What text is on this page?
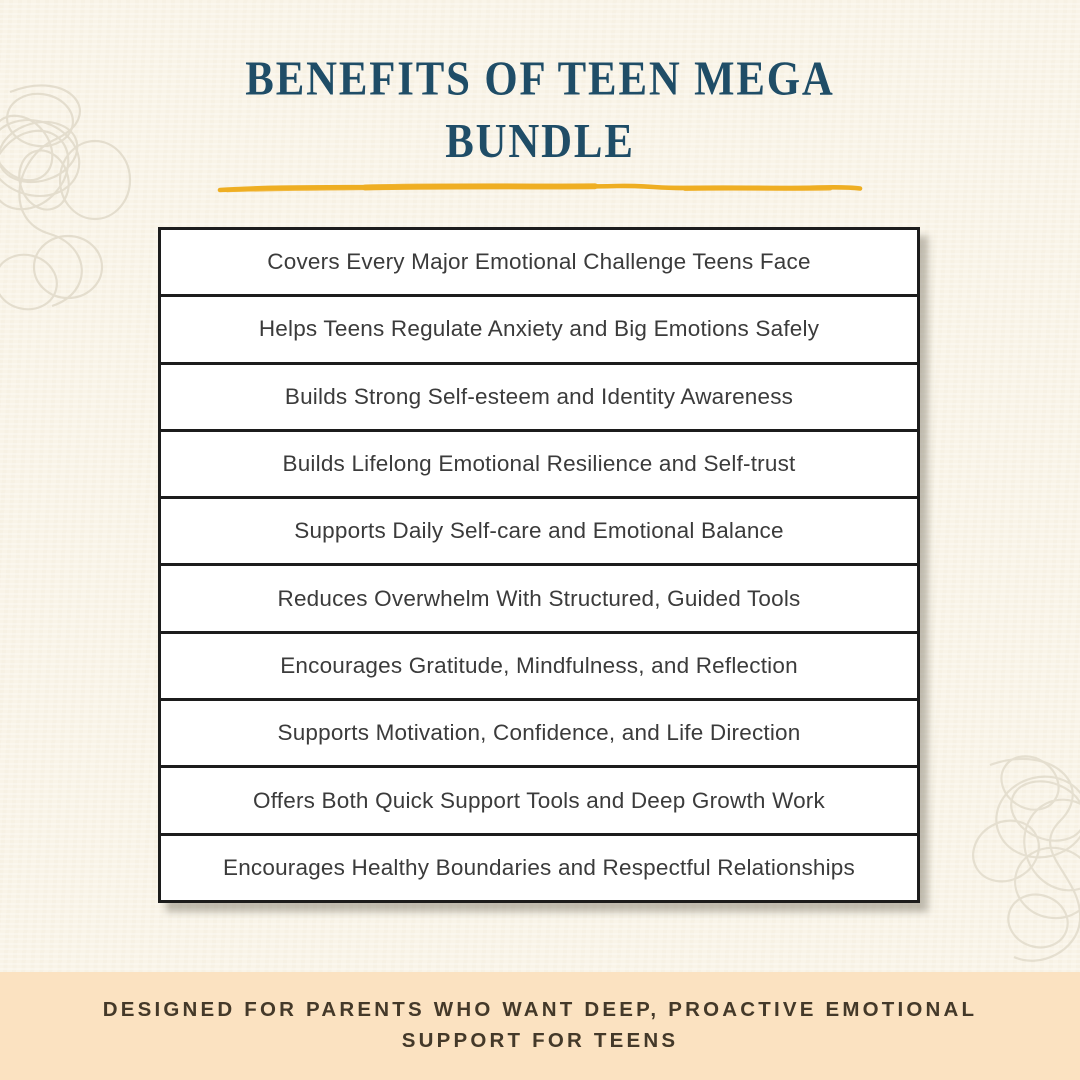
BENEFITS OF TEEN MEGA BUNDLE
Covers Every Major Emotional Challenge Teens Face
Helps Teens Regulate Anxiety and Big Emotions Safely
Builds Strong Self-esteem and Identity Awareness
Builds Lifelong Emotional Resilience and Self-trust
Supports Daily Self-care and Emotional Balance
Reduces Overwhelm With Structured, Guided Tools
Encourages Gratitude, Mindfulness, and Reflection
Supports Motivation, Confidence, and Life Direction
Offers Both Quick Support Tools and Deep Growth Work
Encourages Healthy Boundaries and Respectful Relationships

DESIGNED FOR PARENTS WHO WANT DEEP, PROACTIVE EMOTIONAL SUPPORT FOR TEENS
